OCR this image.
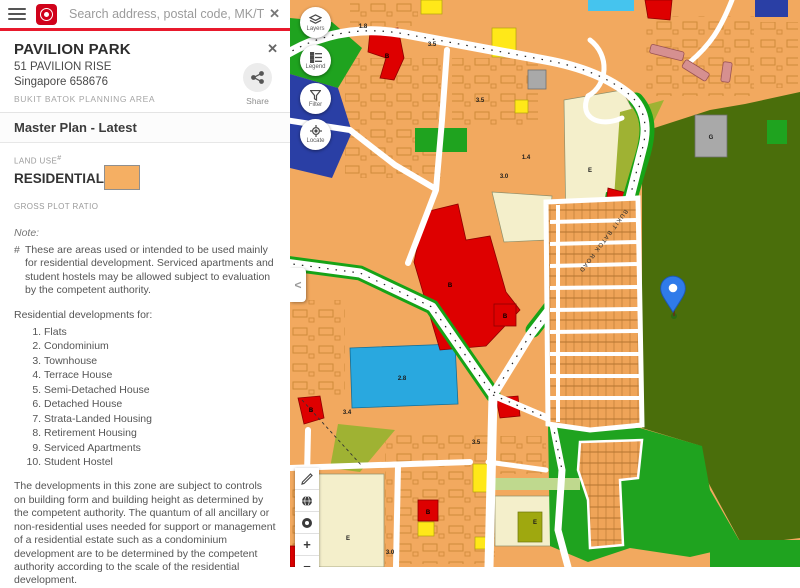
Search address, postal code, MK/TS L
✕
PAVILION PARK	✕
51 PAVILION RISE
Singapore 658676
BUKIT BATOK PLANNING AREA	Share
Master Plan - Latest
LAND USE#
RESIDENTIAL
GROSS PLOT RATIO
Note:
# These are areas used or intended to be used mainly for residential development. Serviced apartments and student hostels may be allowed subject to evaluation by the competent authority.
Residential developments for:
1. Flats
2. Condominium
3. Townhouse
4. Terrace House
5. Semi-Detached House
6. Detached House
7. Strata-Landed Housing
8. Retirement Housing
9. Serviced Apartments
10. Student Hostel
The developments in this zone are subject to controls on building form and building height as determined by the competent authority. The quantum of all ancillary or non-residential uses needed for support or management of a residential estate such as a condominium development are to be determined by the competent authority according to the scale of the residential development.
BUKIT BATOK ROAD
1.8
3.5
3.5
1.4
3.0
2.8
3.4
3.5
3.0
B
B
B
B
B
G
E
E
E
Layers
Legend
Filter
Locate
<
+
−
